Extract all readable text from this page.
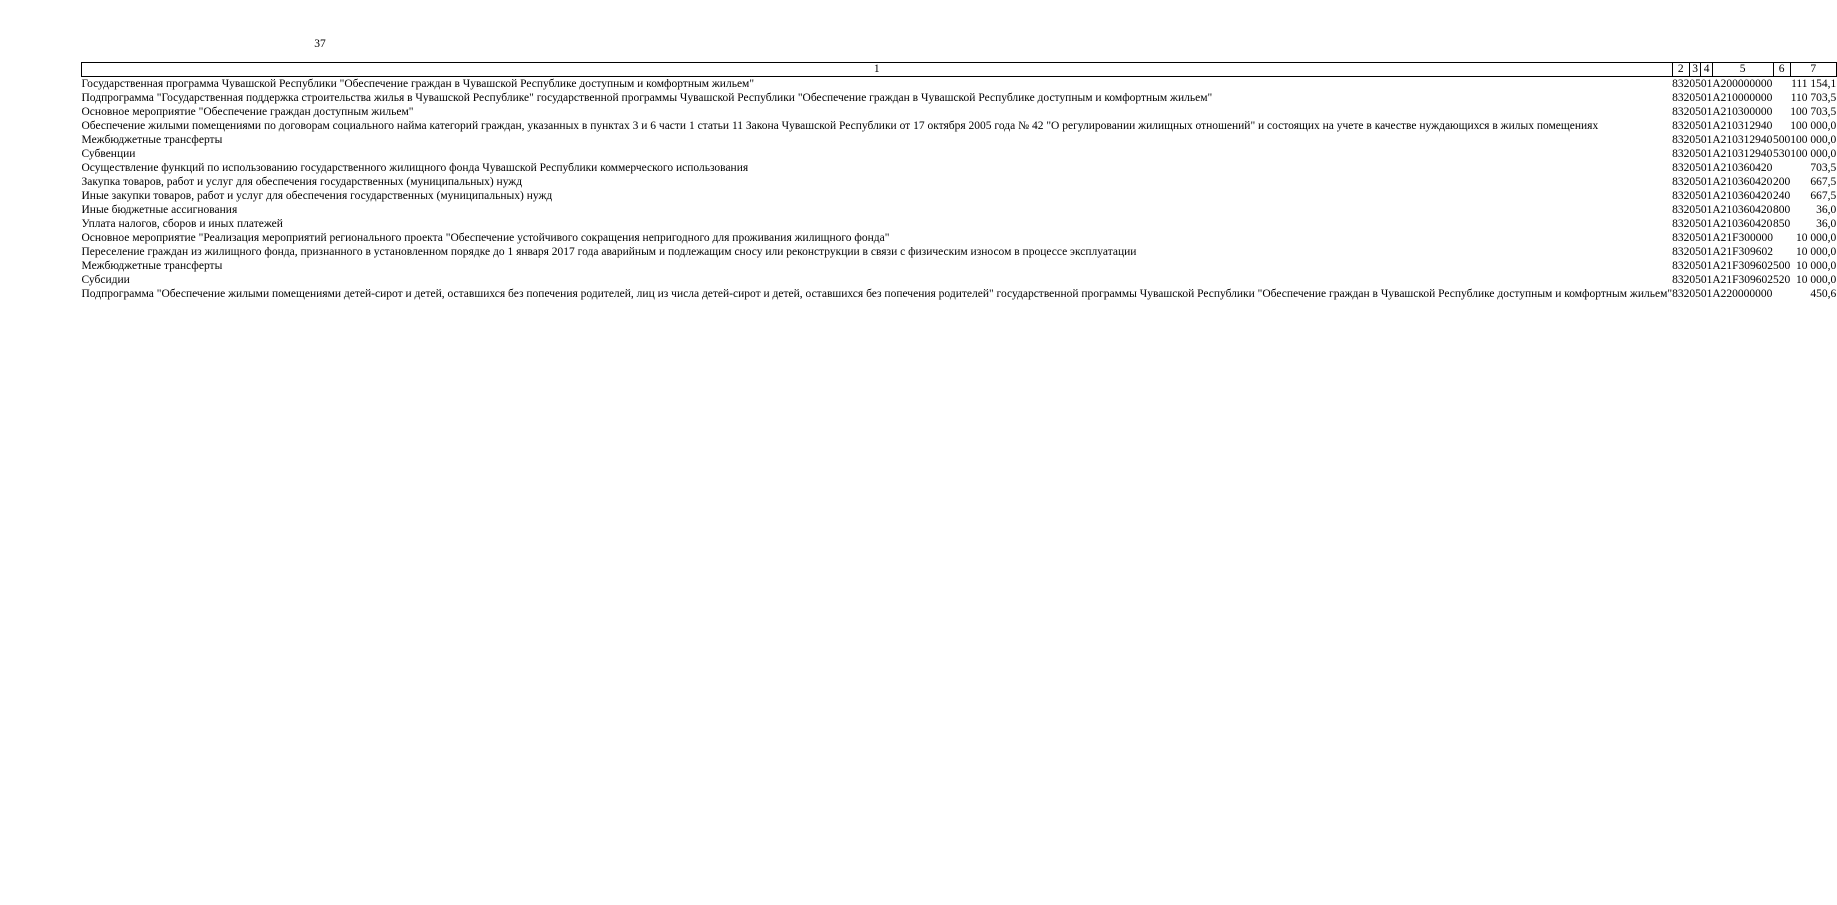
37
1	2	3	4	5	6	7
Государственная программа Чувашской Республики "Обеспечение граждан в Чувашской Республике доступным и комфортным жильем"	832	05	01	А200000000		111 154,1
Подпрограмма "Государственная поддержка строительства жилья в Чувашской Республике" государственной программы Чувашской Республики "Обеспечение граждан в Чувашской Республике доступным и комфортным жильем"	832	05	01	А210000000		110 703,5
Основное мероприятие "Обеспечение граждан доступным жильем"	832	05	01	А210300000		100 703,5
Обеспечение жилыми помещениями по договорам социального найма категорий граждан, указанных в пунктах 3 и 6 части 1 статьи 11 Закона Чувашской Республики от 17 октября 2005 года № 42 "О регулировании жилищных отношений" и состоящих на учете в качестве нуждающихся в жилых помещениях	832	05	01	А210312940		100 000,0
Межбюджетные трансферты	832	05	01	А210312940	500	100 000,0
Субвенции	832	05	01	А210312940	530	100 000,0
Осуществление функций по использованию государственного жилищного фонда Чувашской Республики коммерческого использования	832	05	01	А210360420		703,5
Закупка товаров, работ и услуг для обеспечения государственных (муниципальных) нужд	832	05	01	А210360420	200	667,5
Иные закупки товаров, работ и услуг для обеспечения государственных (муниципальных) нужд	832	05	01	А210360420	240	667,5
Иные бюджетные ассигнования	832	05	01	А210360420	800	36,0
Уплата налогов, сборов и иных платежей	832	05	01	А210360420	850	36,0
Основное мероприятие "Реализация мероприятий регионального проекта "Обеспечение устойчивого сокращения непригодного для проживания жилищного фонда"	832	05	01	А21F300000		10 000,0
Переселение граждан из жилищного фонда, признанного в установленном порядке до 1 января 2017 года аварийным и подлежащим сносу или реконструкции в связи с физическим износом в процессе эксплуатации	832	05	01	А21F309602		10 000,0
Межбюджетные трансферты	832	05	01	А21F309602	500	10 000,0
Субсидии	832	05	01	А21F309602	520	10 000,0
Подпрограмма "Обеспечение жилыми помещениями детей-сирот и детей, оставшихся без попечения родителей, лиц из числа детей-сирот и детей, оставшихся без попечения родителей" государственной программы Чувашской Республики "Обеспечение граждан в Чувашской Республике доступным и комфортным жильем"	832	05	01	А220000000		450,6
